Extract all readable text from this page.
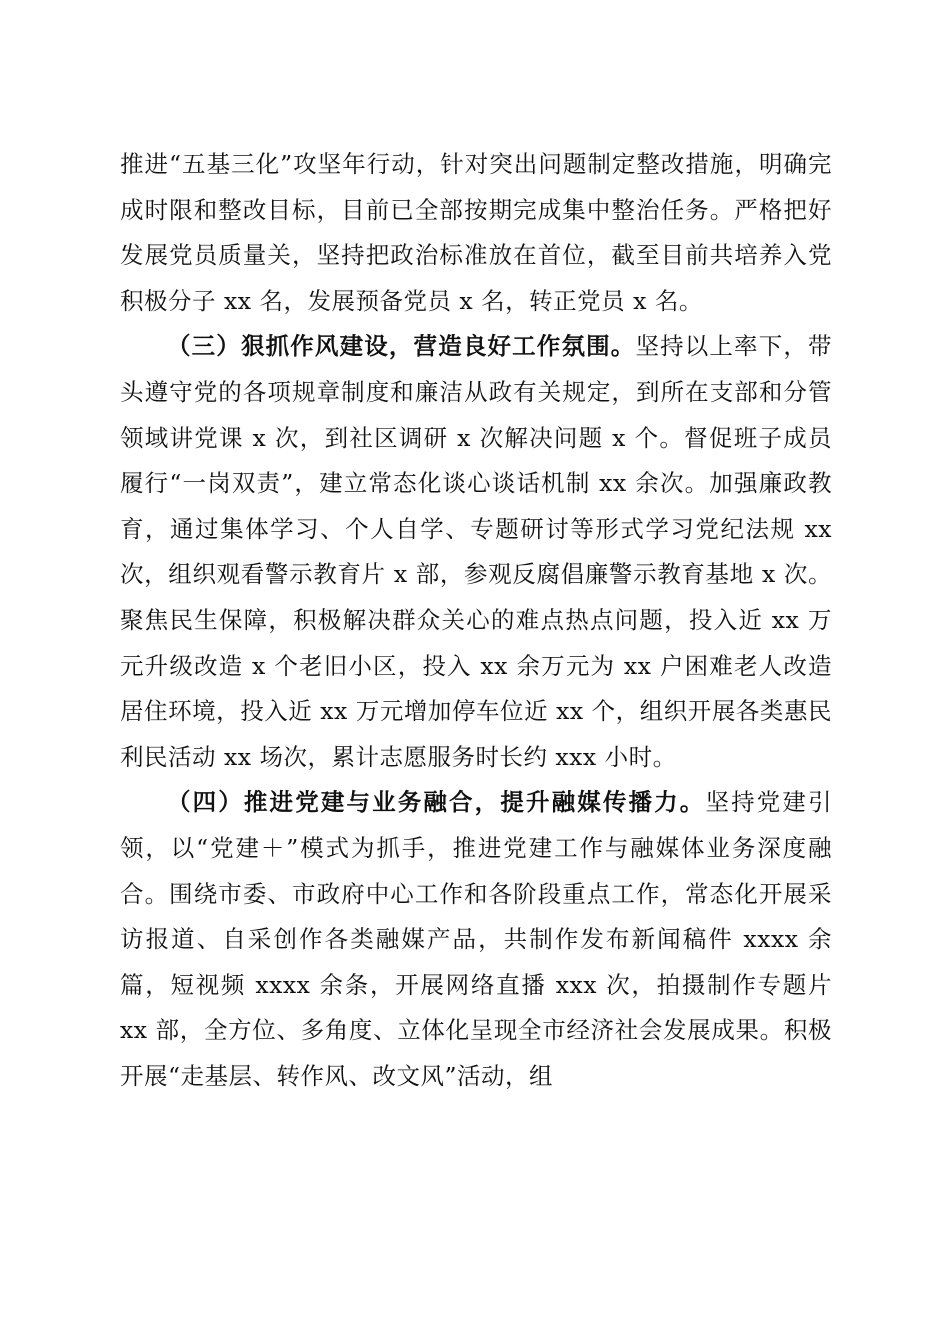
推进“五基三化”攻坚年行动，针对突出问题制定整改措施，明确完成时限和整改目标，目前已全部按期完成集中整治任务。严格把好发展党员质量关，坚持把政治标准放在首位，截至目前共培养入党积极分子 xx 名，发展预备党员 x 名，转正党员 x 名。

（三）狠抓作风建设，营造良好工作氛围。坚持以上率下，带头遵守党的各项规章制度和廉洁从政有关规定，到所在支部和分管领域讲党课 x 次，到社区调研 x 次解决问题 x 个。督促班子成员履行“一岗双责”，建立常态化谈心谈话机制 xx 余次。加强廉政教育，通过集体学习、个人自学、专题研讨等形式学习党纪法规 xx 次，组织观看警示教育片 x 部，参观反腐倡廉警示教育基地 x 次。聚焦民生保障，积极解决群众关心的难点热点问题，投入近 xx 万元升级改造 x 个老旧小区，投入 xx 余万元为 xx 户困难老人改造居住环境，投入近 xx 万元增加停车位近 xx 个，组织开展各类惠民利民活动 xx 场次，累计志愿服务时长约 xxx 小时。

（四）推进党建与业务融合，提升融媒传播力。坚持党建引领，以“党建＋”模式为抓手，推进党建工作与融媒体业务深度融合。围绕市委、市政府中心工作和各阶段重点工作，常态化开展采访报道、自采创作各类融媒产品，共制作发布新闻稿件 xxxx 余篇，短视频 xxxx 余条，开展网络直播 xxx 次，拍摄制作专题片 xx 部，全方位、多角度、立体化呈现全市经济社会发展成果。积极开展“走基层、转作风、改文风”活动，组
